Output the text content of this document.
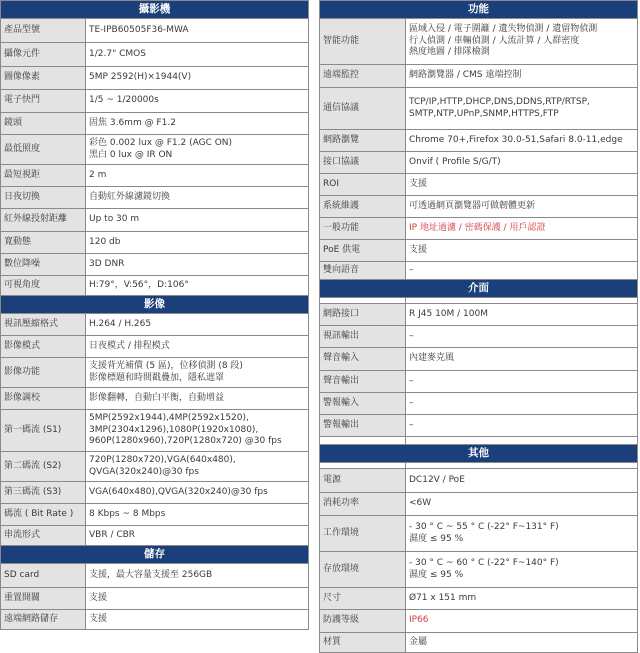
攝影機	
產品型號	TE-IPB60505F36-MWA
攝像元件	1/2.7" CMOS
圖像像素	5MP 2592(H)×1944(V)
電子快門	1/5 ~ 1/20000s
鏡頭	固焦 3.6mm @ F1.2
最低照度	彩色 0.002 lux @ F1.2 (AGC ON)
黑白 0 lux @ IR ON
最短視距	2 m
日夜切換	自動紅外線濾鏡切換
紅外線投射距離	Up to 30 m
寬動態	120 db
數位降噪	3D DNR
可視角度	H:79°，V:56°，D:106°
影像	
視訊壓縮格式	H.264 / H.265
影像模式	日夜模式 / 排程模式
影像功能	支援背光補償 (5 區)，位移偵測 (8 段)
影像標題和時間戳疊加，隱私遮罩
影像調校	影像翻轉，自動白平衡，自動增益
第一碼流 (S1)	5MP(2592x1944),4MP(2592x1520),
3MP(2304x1296),1080P(1920x1080),
960P(1280x960),720P(1280x720) @30 fps
第二碼流 (S2)	720P(1280x720),VGA(640x480),
QVGA(320x240)@30 fps
第三碼流 (S3)	VGA(640x480),QVGA(320x240)@30 fps
碼流 ( Bit Rate )	8 Kbps ~ 8 Mbps
串流形式	VBR / CBR
儲存	
SD card	支援，最大容量支援至 256GB
重置開關	支援
遠端網路儲存	支援
功能	
智能功能	區域入侵 / 電子圍籬 / 遺失物偵測 / 遺留物偵測
行人偵測 / 車輛偵測 / 人流計算 / 人群密度
熱度地圖 / 排隊檢測
遠端監控	網路瀏覽器 / CMS 遠端控制
通信協議	TCP/IP,HTTP,DHCP,DNS,DDNS,RTP/RTSP,
SMTP,NTP,UPnP,SNMP,HTTPS,FTP
網路瀏覽	Chrome 70+,Firefox 30.0-51,Safari 8.0-11,edge
接口協議	Onvif ( Profile S/G/T)
ROI	支援
系統維護	可透過網頁瀏覽器可做韌體更新
一般功能	IP 地址過濾 / 密碼保護 / 用戶認證
PoE 供電	支援
雙向語音	–
介面	

網路接口	R J45 10M / 100M
視訊輸出	–
聲音輸入	內建麥克風
聲音輸出	–
警報輸入	–
警報輸出	–

其他	

電源	DC12V / PoE
消耗功率	<6W
工作環境	- 30 ° C ~ 55 ° C (-22° F~131° F)
濕度 ≤ 95 %
存放環境	- 30 ° C ~ 60 ° C (-22° F~140° F)
濕度 ≤ 95 %
尺寸	Ø71 x 151 mm
防護等級	IP66
材質	金屬
